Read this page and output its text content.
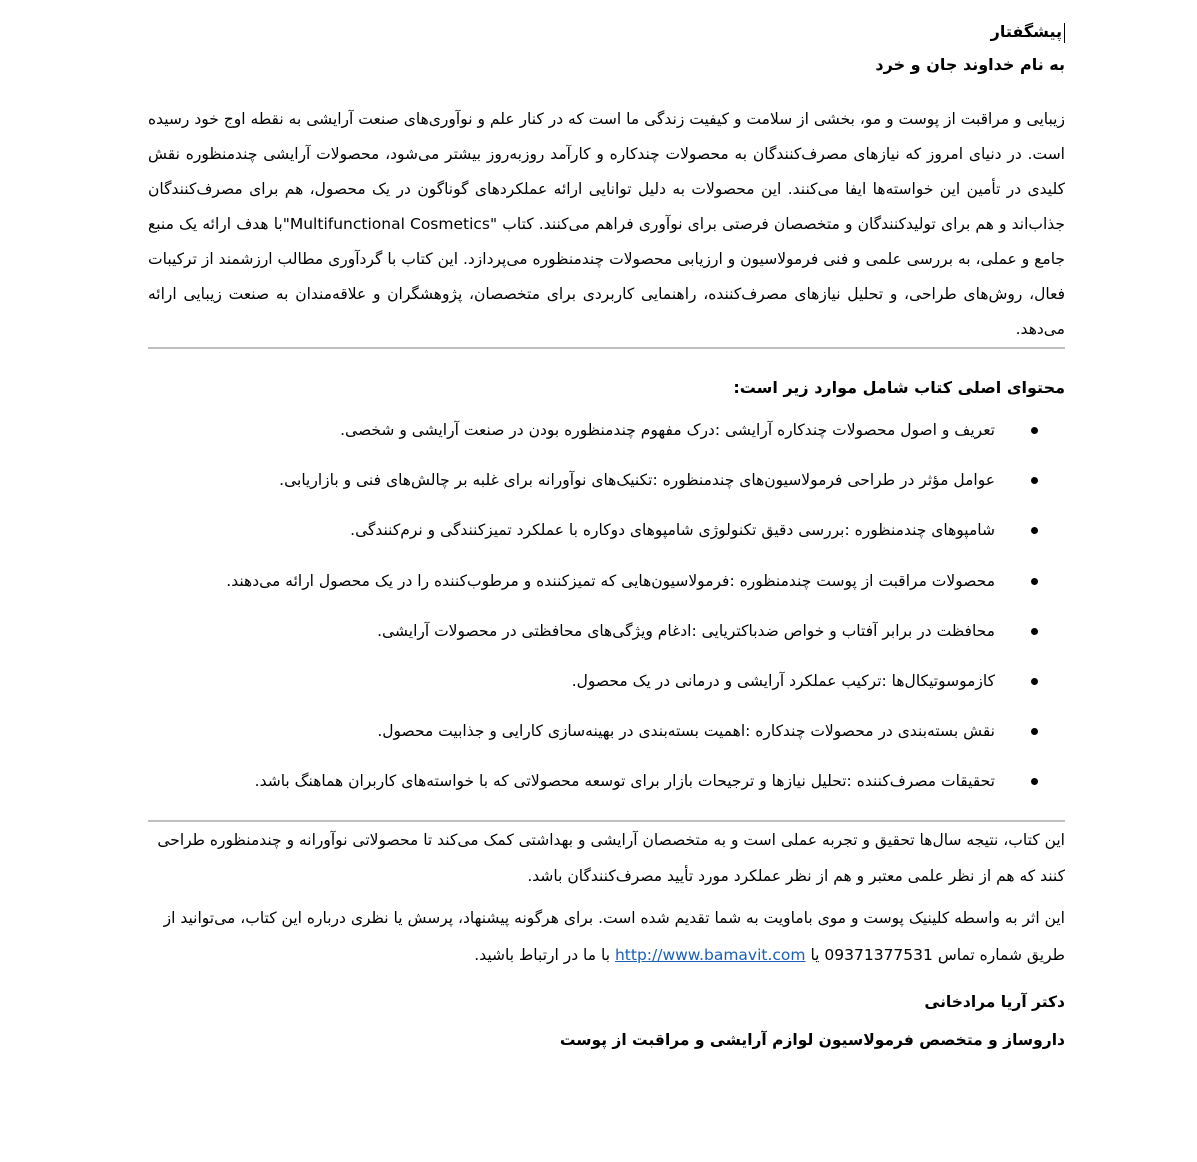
پیشگفتار
به نام خداوند جان و خرد

زیبایی و مراقبت از پوست و مو، بخشی از سلامت و کیفیت زندگی ما است که در کنار علم و نوآوری‌های صنعت آرایشی به نقطه اوج خود رسیده است. در دنیای امروز که نیازهای مصرف‌کنندگان به محصولات چندکاره و کارآمد روزبه‌روز بیشتر می‌شود، محصولات آرایشی چندمنظوره نقش کلیدی در تأمین این خواسته‌ها ایفا می‌کنند. این محصولات به دلیل توانایی ارائه عملکردهای گوناگون در یک محصول، هم برای مصرف‌کنندگان جذاب‌اند و هم برای تولیدکنندگان و متخصصان فرصتی برای نوآوری فراهم می‌کنند. کتاب "Multifunctional Cosmetics"با هدف ارائه یک منبع جامع و عملی، به بررسی علمی و فنی فرمولاسیون و ارزیابی محصولات چندمنظوره می‌پردازد. این کتاب با گردآوری مطالب ارزشمند از ترکیبات فعال، روش‌های طراحی، و تحلیل نیازهای مصرف‌کننده، راهنمایی کاربردی برای متخصصان، پژوهشگران و علاقه‌مندان به صنعت زیبایی ارائه می‌دهد.

محتوای اصلی کتاب شامل موارد زیر است:
تعریف و اصول محصولات چندکاره آرایشی :درک مفهوم چندمنظوره بودن در صنعت آرایشی و شخصی.
عوامل مؤثر در طراحی فرمولاسیون‌های چندمنظوره :تکنیک‌های نوآورانه برای غلبه بر چالش‌های فنی و بازاریابی.
شامپوهای چندمنظوره :بررسی دقیق تکنولوژی شامپوهای دوکاره با عملکرد تمیزکنندگی و نرم‌کنندگی.
محصولات مراقبت از پوست چندمنظوره :فرمولاسیون‌هایی که تمیزکننده و مرطوب‌کننده را در یک محصول ارائه می‌دهند.
محافظت در برابر آفتاب و خواص ضدباکتریایی :ادغام ویژگی‌های محافظتی در محصولات آرایشی.
کازموسوتیکال‌ها :ترکیب عملکرد آرایشی و درمانی در یک محصول.
نقش بسته‌بندی در محصولات چندکاره :اهمیت بسته‌بندی در بهینه‌سازی کارایی و جذابیت محصول.
تحقیقات مصرف‌کننده :تحلیل نیازها و ترجیحات بازار برای توسعه محصولاتی که با خواسته‌های کاربران هماهنگ باشد.

این کتاب، نتیجه سال‌ها تحقیق و تجربه عملی است و به متخصصان آرایشی و بهداشتی کمک می‌کند تا محصولاتی نوآورانه و چندمنظوره طراحی کنند که هم از نظر علمی معتبر و هم از نظر عملکرد مورد تأیید مصرف‌کنندگان باشد.

این اثر به واسطه کلینیک پوست و موی باماویت به شما تقدیم شده است. برای هرگونه پیشنهاد، پرسش یا نظری درباره این کتاب، می‌توانید از طریق شماره تماس 09371377531 یا http://www.bamavit.com با ما در ارتباط باشید.

دکتر آریا مرادخانی
داروساز و متخصص فرمولاسیون لوازم آرایشی و مراقبت از پوست
